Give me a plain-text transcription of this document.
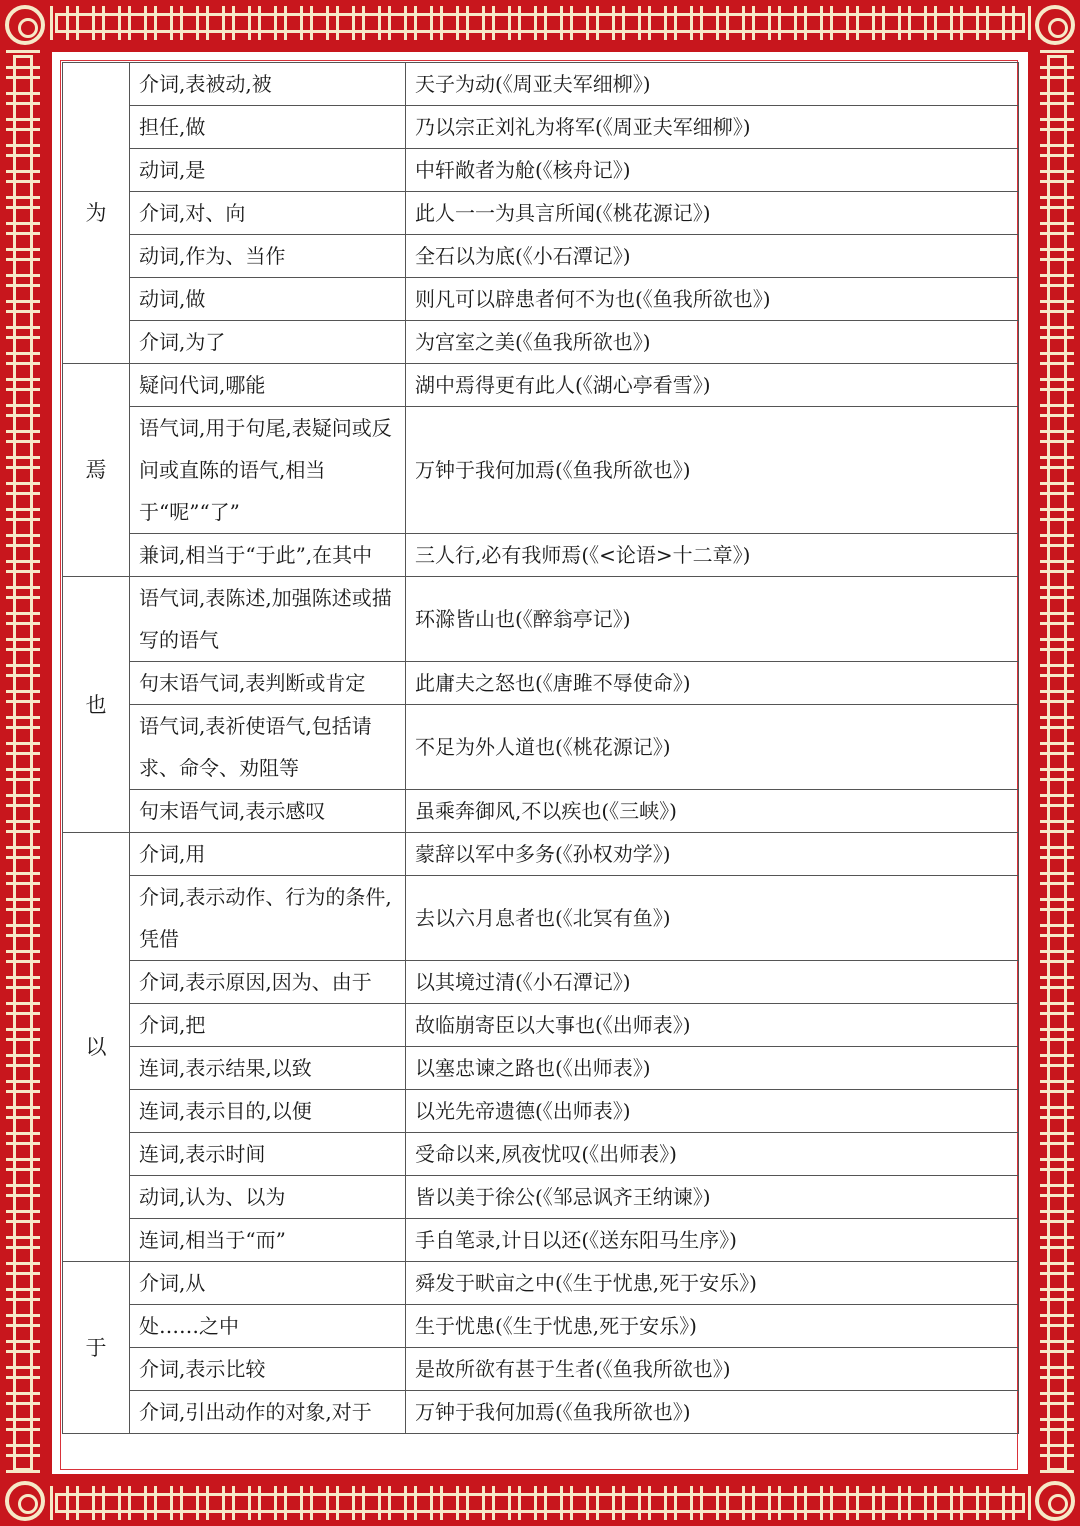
为	介词,表被动,被	天子为动(《周亚夫军细柳》)
	担任,做	乃以宗正刘礼为将军(《周亚夫军细柳》)
	动词,是	中轩敞者为舱(《核舟记》)
	介词,对、向	此人一一为具言所闻(《桃花源记》)
	动词,作为、当作	全石以为底(《小石潭记》)
	动词,做	则凡可以辟患者何不为也(《鱼我所欲也》)
	介词,为了	为宫室之美(《鱼我所欲也》)
焉	疑问代词,哪能	湖中焉得更有此人(《湖心亭看雪》)
	语气词,用于句尾,表疑问或反问或直陈的语气,相当于“呢”“了”	万钟于我何加焉(《鱼我所欲也》)
	兼词,相当于“于此”,在其中	三人行,必有我师焉(《<论语>十二章》)
也	语气词,表陈述,加强陈述或描写的语气	环滁皆山也(《醉翁亭记》)
	句末语气词,表判断或肯定	此庸夫之怒也(《唐雎不辱使命》)
	语气词,表祈使语气,包括请求、命令、劝阻等	不足为外人道也(《桃花源记》)
	句末语气词,表示感叹	虽乘奔御风,不以疾也(《三峡》)
以	介词,用	蒙辞以军中多务(《孙权劝学》)
	介词,表示动作、行为的条件,凭借	去以六月息者也(《北冥有鱼》)
	介词,表示原因,因为、由于	以其境过清(《小石潭记》)
	介词,把	故临崩寄臣以大事也(《出师表》)
	连词,表示结果,以致	以塞忠谏之路也(《出师表》)
	连词,表示目的,以便	以光先帝遗德(《出师表》)
	连词,表示时间	受命以来,夙夜忧叹(《出师表》)
	动词,认为、以为	皆以美于徐公(《邹忌讽齐王纳谏》)
	连词,相当于“而”	手自笔录,计日以还(《送东阳马生序》)
于	介词,从	舜发于畎亩之中(《生于忧患,死于安乐》)
	处……之中	生于忧患(《生于忧患,死于安乐》)
	介词,表示比较	是故所欲有甚于生者(《鱼我所欲也》)
	介词,引出动作的对象,对于	万钟于我何加焉(《鱼我所欲也》)
